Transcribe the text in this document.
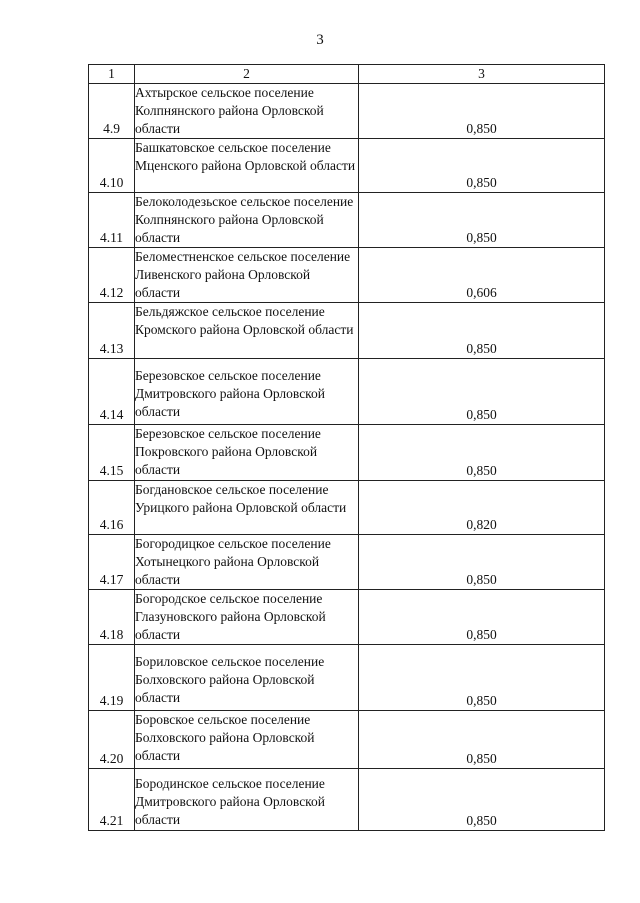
3
1	2	3
4.9	Ахтырское сельское поселение Колпнянского района Орловской области	0,850
4.10	Башкатовское сельское поселение Мценского района Орловской области	0,850
4.11	Белоколодезьское сельское поселение Колпнянского района Орловской области	0,850
4.12	Беломестненское сельское поселение Ливенского района Орловской области	0,606
4.13	Бельдяжское сельское поселение Кромского района Орловской области	0,850
4.14	Березовское сельское поселение Дмитровского района Орловской области	0,850
4.15	Березовское сельское поселение Покровского района Орловской области	0,850
4.16	Богдановское сельское поселение Урицкого района Орловской области	0,820
4.17	Богородицкое сельское поселение Хотынецкого района Орловской области	0,850
4.18	Богородское сельское поселение Глазуновского района Орловской области	0,850
4.19	Бориловское сельское поселение Болховского района Орловской области	0,850
4.20	Боровское сельское поселение Болховского района Орловской области	0,850
4.21	Бородинское сельское поселение Дмитровского района Орловской области	0,850
